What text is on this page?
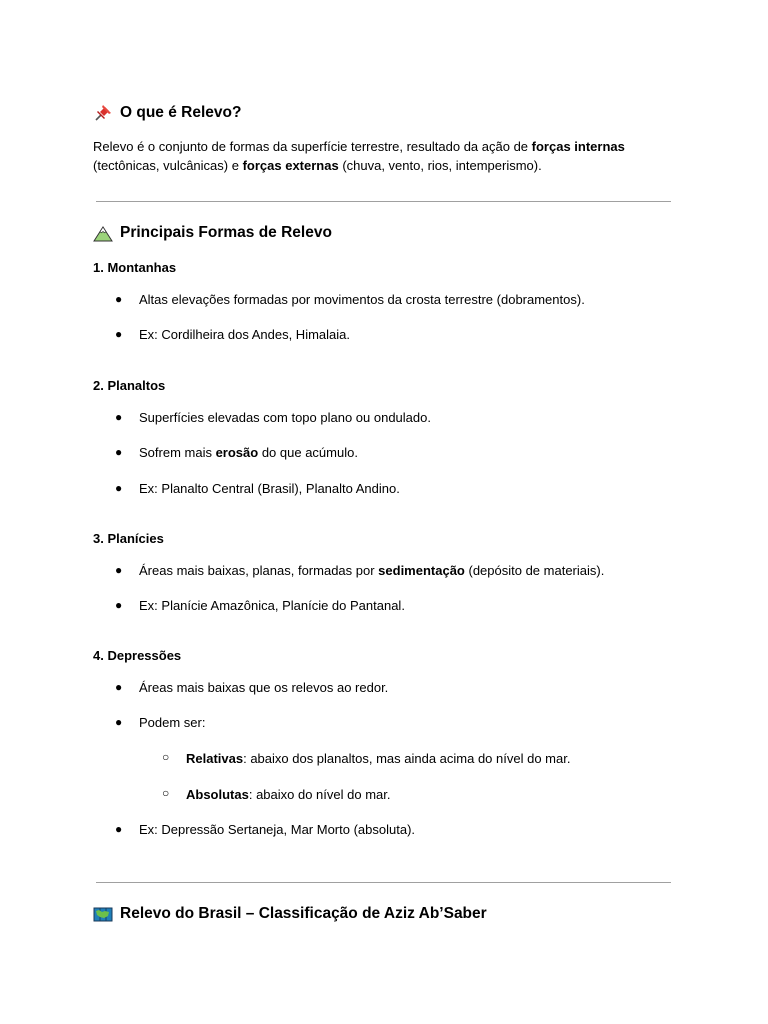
O que é Relevo?

Relevo é o conjunto de formas da superfície terrestre, resultado da ação de forças internas
(tectônicas, vulcânicas) e forças externas (chuva, vento, rios, intemperismo).

Principais Formas de Relevo
1. Montanhas
● Altas elevações formadas por movimentos da crosta terrestre (dobramentos).
● Ex: Cordilheira dos Andes, Himalaia.
2. Planaltos
● Superfícies elevadas com topo plano ou ondulado.
● Sofrem mais erosão do que acúmulo.
● Ex: Planalto Central (Brasil), Planalto Andino.
3. Planícies
● Áreas mais baixas, planas, formadas por sedimentação (depósito de materiais).
● Ex: Planície Amazônica, Planície do Pantanal.
4. Depressões
● Áreas mais baixas que os relevos ao redor.
● Podem ser:
○ Relativas: abaixo dos planaltos, mas ainda acima do nível do mar.
○ Absolutas: abaixo do nível do mar.
● Ex: Depressão Sertaneja, Mar Morto (absoluta).
Relevo do Brasil – Classificação de Aziz Ab’Saber
